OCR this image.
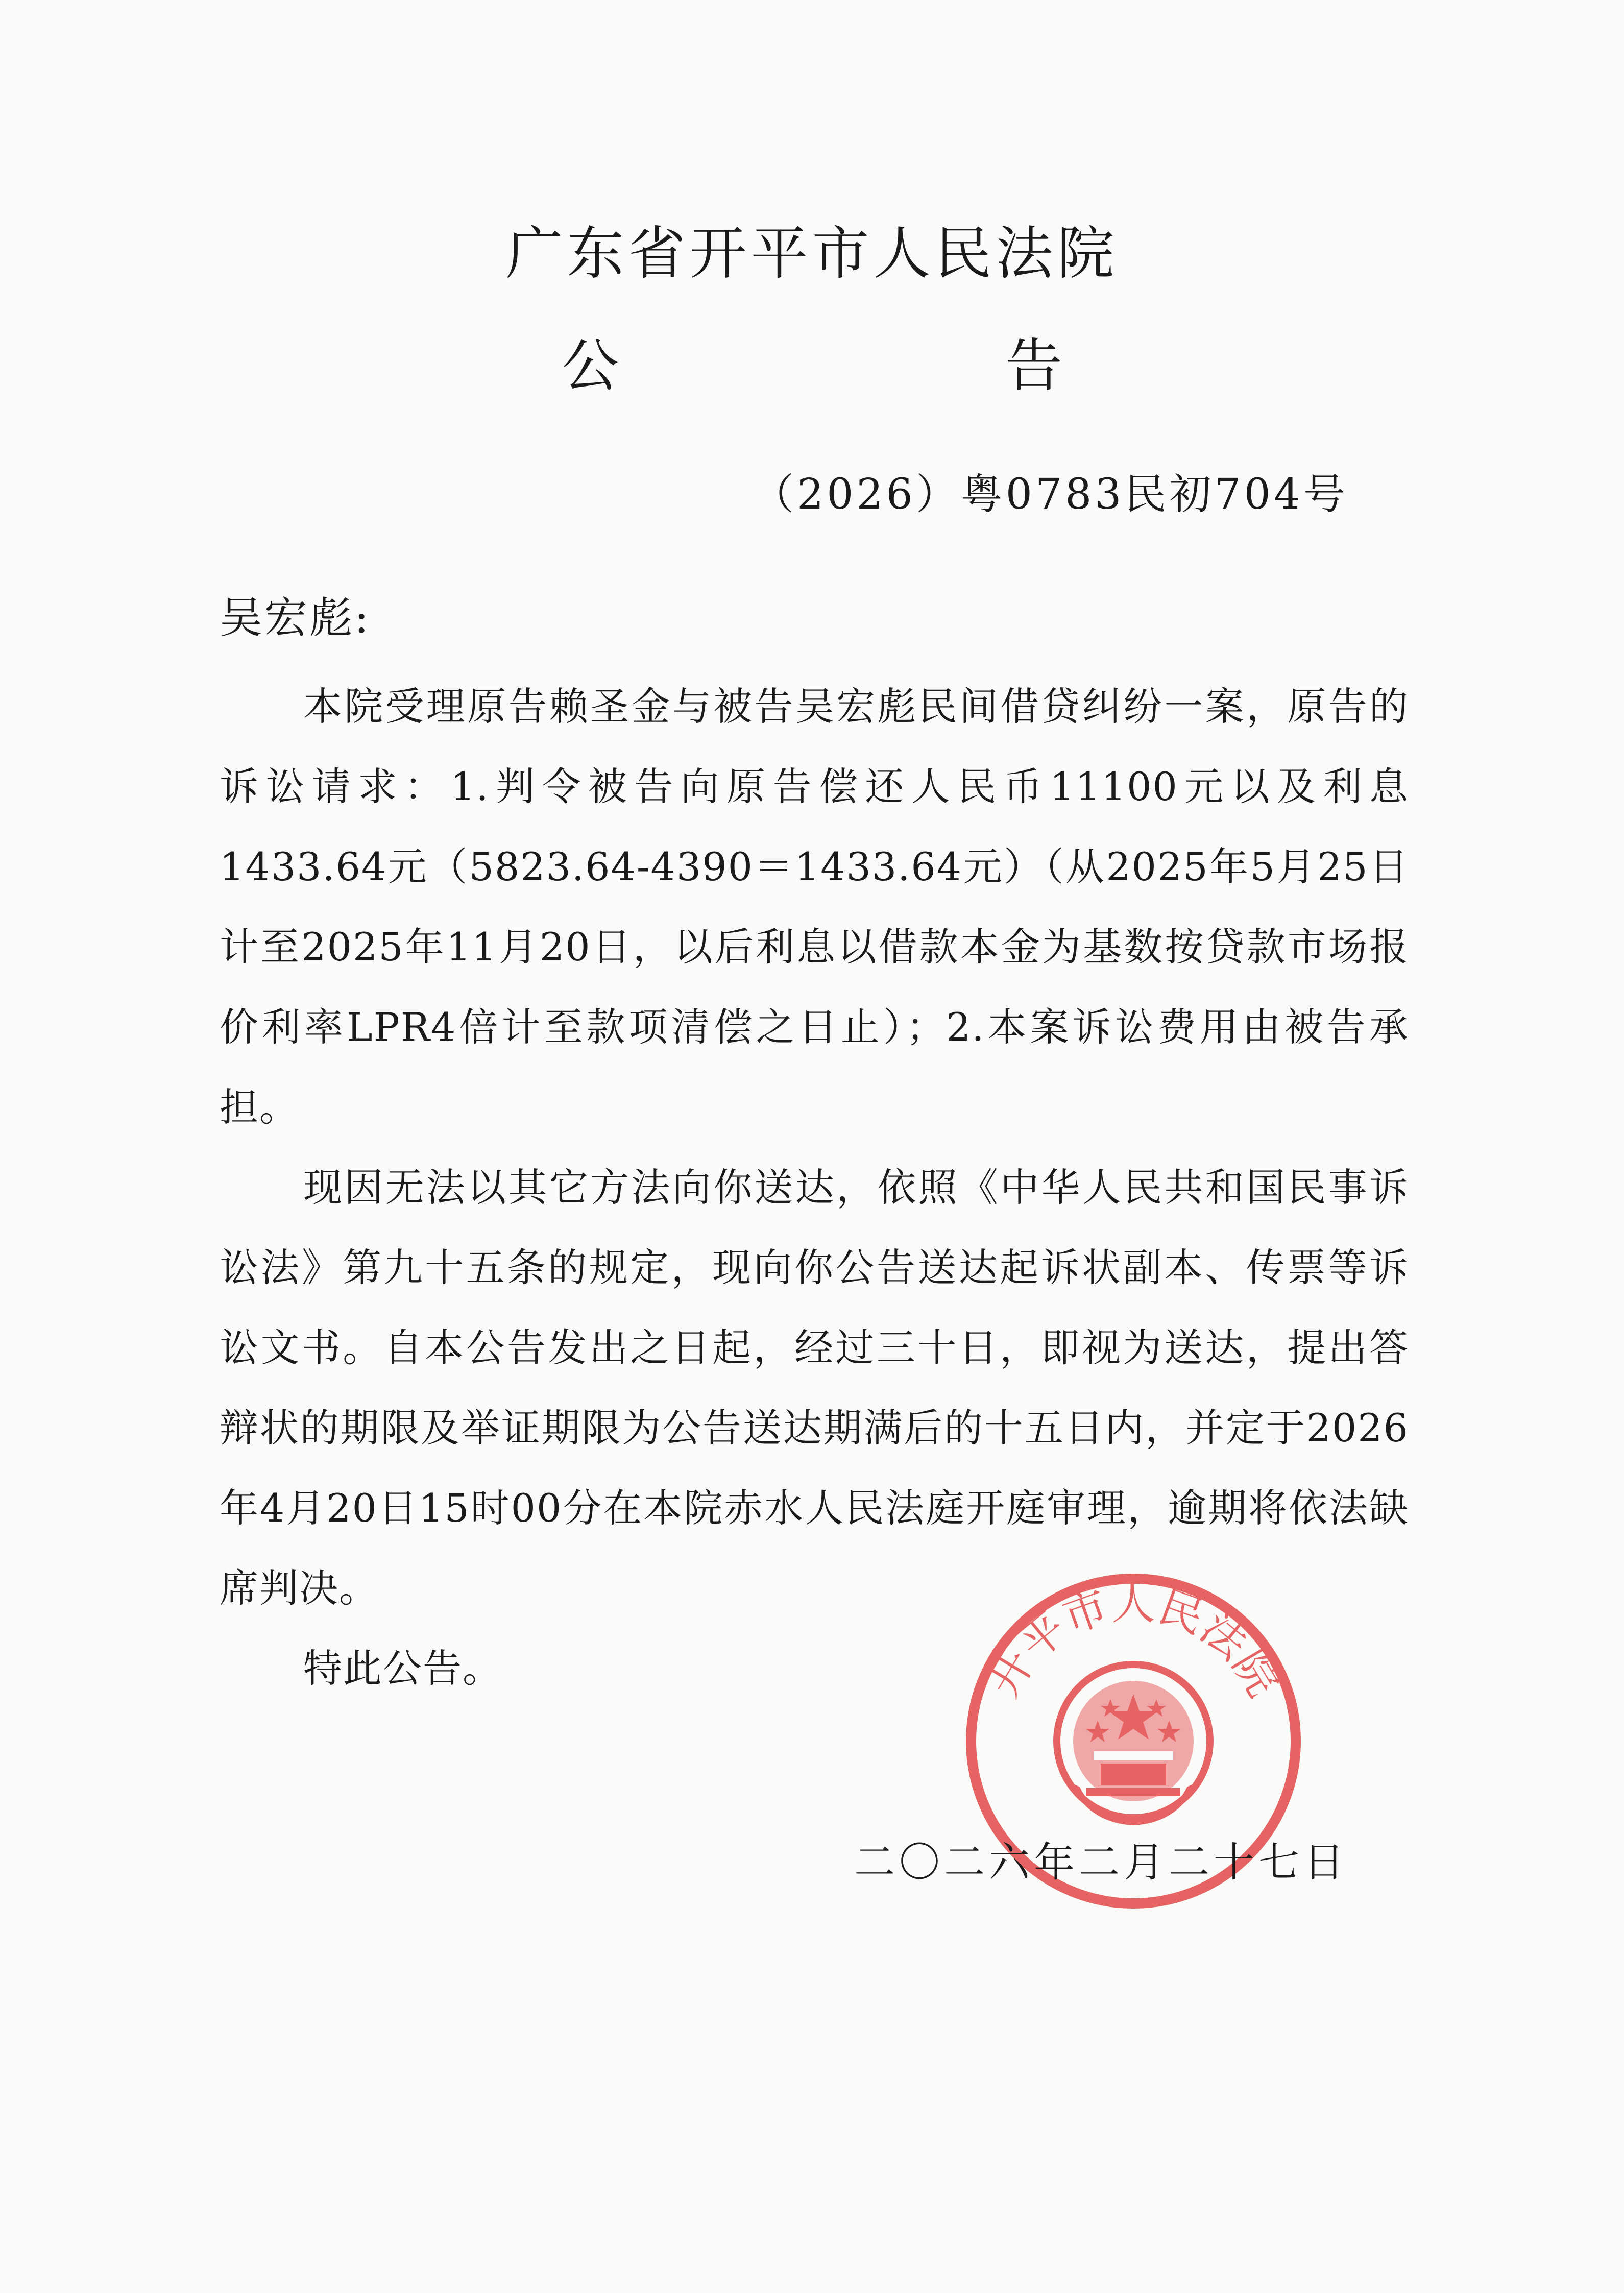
广东省开平市人民法院
公	告
（2026）粤0783民初704号
吴宏彪:

本院受理原告赖圣金与被告吴宏彪民间借贷纠纷一案，原告的诉讼请求：1.判令被告向原告偿还人民币11100元以及利息1433.64元（5823.64-4390＝1433.64元）（从2025年5月25日计至2025年11月20日，以后利息以借款本金为基数按贷款市场报价利率LPR4倍计至款项清偿之日止）；2.本案诉讼费用由被告承担。

现因无法以其它方法向你送达，依照《中华人民共和国民事诉讼法》第九十五条的规定，现向你公告送达起诉状副本、传票等诉讼文书。自本公告发出之日起，经过三十日，即视为送达，提出答辩状的期限及举证期限为公告送达期满后的十五日内，并定于2026年4月20日15时00分在本院赤水人民法庭开庭审理，逾期将依法缺席判决。

特此公告。	开平市人民法院
二〇二六年二月二十七日
